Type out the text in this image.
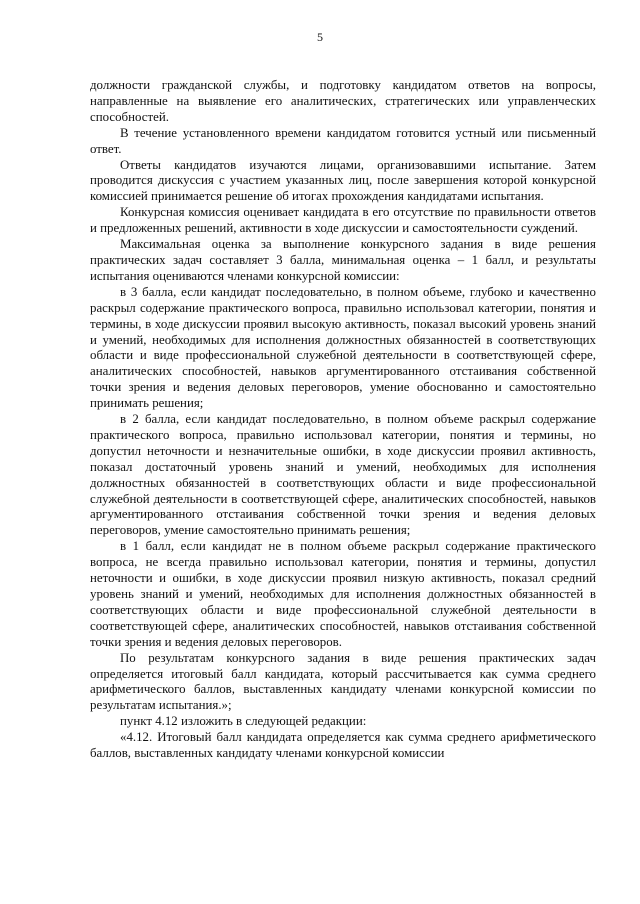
5

должности гражданской службы, и подготовку кандидатом ответов на вопросы, направленные на выявление его аналитических, стратегических или управленческих способностей.

В течение установленного времени кандидатом готовится устный или письменный ответ.

Ответы кандидатов изучаются лицами, организовавшими испытание. Затем проводится дискуссия с участием указанных лиц, после завершения которой конкурсной комиссией принимается решение об итогах прохождения кандидатами испытания.

Конкурсная комиссия оценивает кандидата в его отсутствие по правильности ответов и предложенных решений, активности в ходе дискуссии и самостоятельности суждений.

Максимальная оценка за выполнение конкурсного задания в виде решения практических задач составляет 3 балла, минимальная оценка – 1 балл, и результаты испытания оцениваются членами конкурсной комиссии:

в 3 балла, если кандидат последовательно, в полном объеме, глубоко и качественно раскрыл содержание практического вопроса, правильно использовал категории, понятия и термины, в ходе дискуссии проявил высокую активность, показал высокий уровень знаний и умений, необходимых для исполнения должностных обязанностей в соответствующих области и виде профессиональной служебной деятельности в соответствующей сфере, аналитических способностей, навыков аргументированного отстаивания собственной точки зрения и ведения деловых переговоров, умение обоснованно и самостоятельно принимать решения;

в 2 балла, если кандидат последовательно, в полном объеме раскрыл содержание практического вопроса, правильно использовал категории, понятия и термины, но допустил неточности и незначительные ошибки, в ходе дискуссии проявил активность, показал достаточный уровень знаний и умений, необходимых для исполнения должностных обязанностей в соответствующих области и виде профессиональной служебной деятельности в соответствующей сфере, аналитических способностей, навыков аргументированного отстаивания собственной точки зрения и ведения деловых переговоров, умение самостоятельно принимать решения;

в 1 балл, если кандидат не в полном объеме раскрыл содержание практического вопроса, не всегда правильно использовал категории, понятия и термины, допустил неточности и ошибки, в ходе дискуссии проявил низкую активность, показал средний уровень знаний и умений, необходимых для исполнения должностных обязанностей в соответствующих области и виде профессиональной служебной деятельности в соответствующей сфере, аналитических способностей, навыков отстаивания собственной точки зрения и ведения деловых переговоров.

По результатам конкурсного задания в виде решения практических задач определяется итоговый балл кандидата, который рассчитывается как сумма среднего арифметического баллов, выставленных кандидату членами конкурсной комиссии по результатам испытания.»;

пункт 4.12 изложить в следующей редакции:

«4.12. Итоговый балл кандидата определяется как сумма среднего арифметического баллов, выставленных кандидату членами конкурсной комиссии
